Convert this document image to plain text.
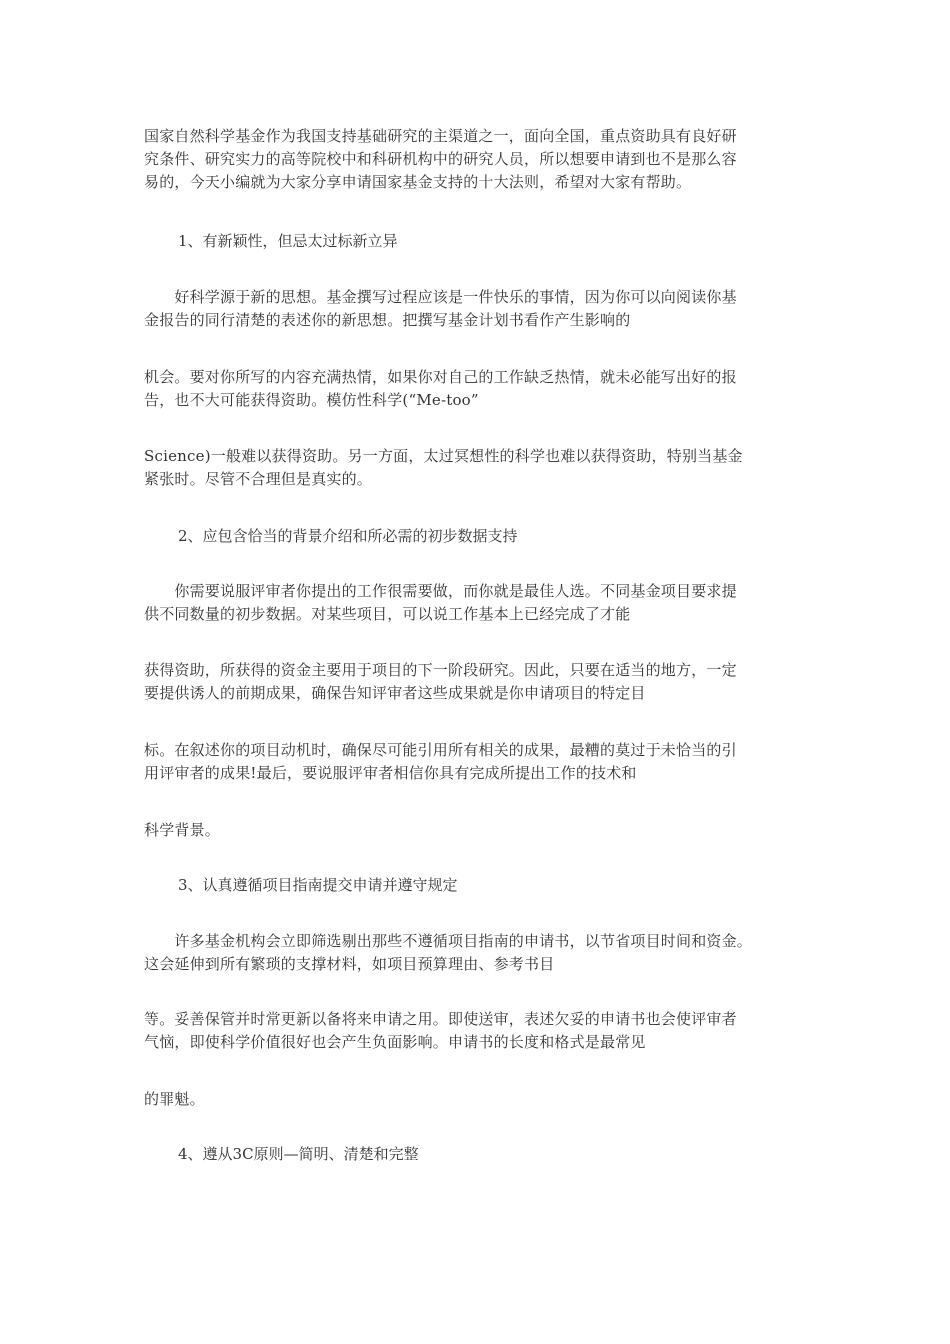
国家自然科学基金作为我国支持基础研究的主渠道之一，面向全国，重点资助具有良好研
究条件、研究实力的高等院校中和科研机构中的研究人员，所以想要申请到也不是那么容
易的，今天小编就为大家分享申请国家基金支持的十大法则，希望对大家有帮助。

1、有新颖性，但忌太过标新立异

　　好科学源于新的思想。基金撰写过程应该是一件快乐的事情，因为你可以向阅读你基
金报告的同行清楚的表述你的新思想。把撰写基金计划书看作产生影响的

机会。要对你所写的内容充满热情，如果你对自己的工作缺乏热情，就未必能写出好的报
告，也不大可能获得资助。模仿性科学(“Me-too”

Science)一般难以获得资助。另一方面，太过冥想性的科学也难以获得资助，特别当基金
紧张时。尽管不合理但是真实的。

2、应包含恰当的背景介绍和所必需的初步数据支持

　　你需要说服评审者你提出的工作很需要做，而你就是最佳人选。不同基金项目要求提
供不同数量的初步数据。对某些项目，可以说工作基本上已经完成了才能

获得资助，所获得的资金主要用于项目的下一阶段研究。因此，只要在适当的地方，一定
要提供诱人的前期成果，确保告知评审者这些成果就是你申请项目的特定目

标。在叙述你的项目动机时，确保尽可能引用所有相关的成果，最糟的莫过于未恰当的引
用评审者的成果!最后，要说服评审者相信你具有完成所提出工作的技术和

科学背景。

3、认真遵循项目指南提交申请并遵守规定

　　许多基金机构会立即筛选剔出那些不遵循项目指南的申请书，以节省项目时间和资金。
这会延伸到所有繁琐的支撑材料，如项目预算理由、参考书目

等。妥善保管并时常更新以备将来申请之用。即使送审，表述欠妥的申请书也会使评审者
气恼，即使科学价值很好也会产生负面影响。申请书的长度和格式是最常见

的罪魁。

4、遵从3C原则—简明、清楚和完整
